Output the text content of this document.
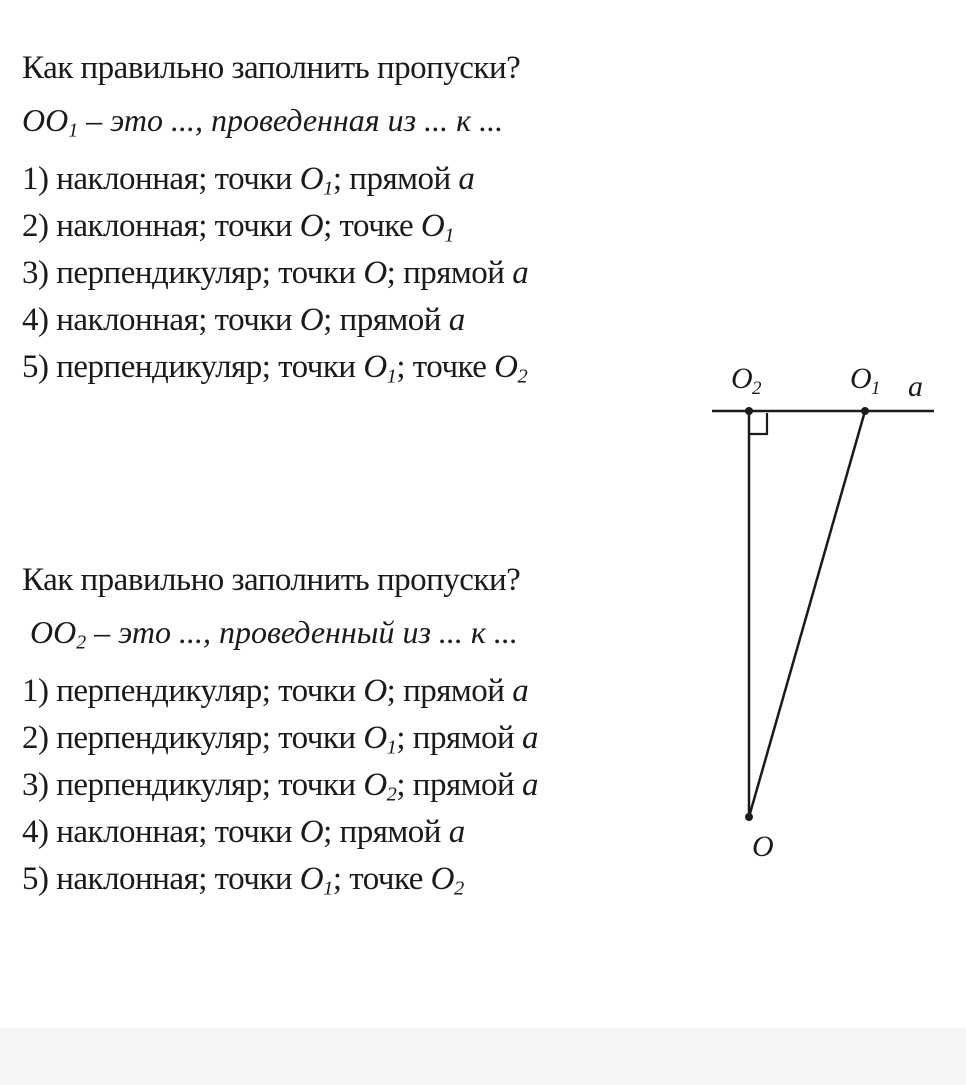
Как правильно заполнить пропуски?
$OO_1$ – это ..., проведенная из ... к ...
1) наклонная; точки $O_1$; прямой a
2) наклонная; точки O; точке $O_1$
3) перпендикуляр; точки O; прямой a
4) наклонная; точки O; прямой a
5) перпендикуляр; точки $O_1$; точке $O_2$
Как правильно заполнить пропуски?
$OO_2$ – это ..., проведенный из ... к ...
1) перпендикуляр; точки O; прямой a
2) перпендикуляр; точки $O_1$; прямой a
3) перпендикуляр; точки $O_2$; прямой a
4) наклонная; точки O; прямой a
5) наклонная; точки $O_1$; точке $O_2$
O 2	O 1 a
O
